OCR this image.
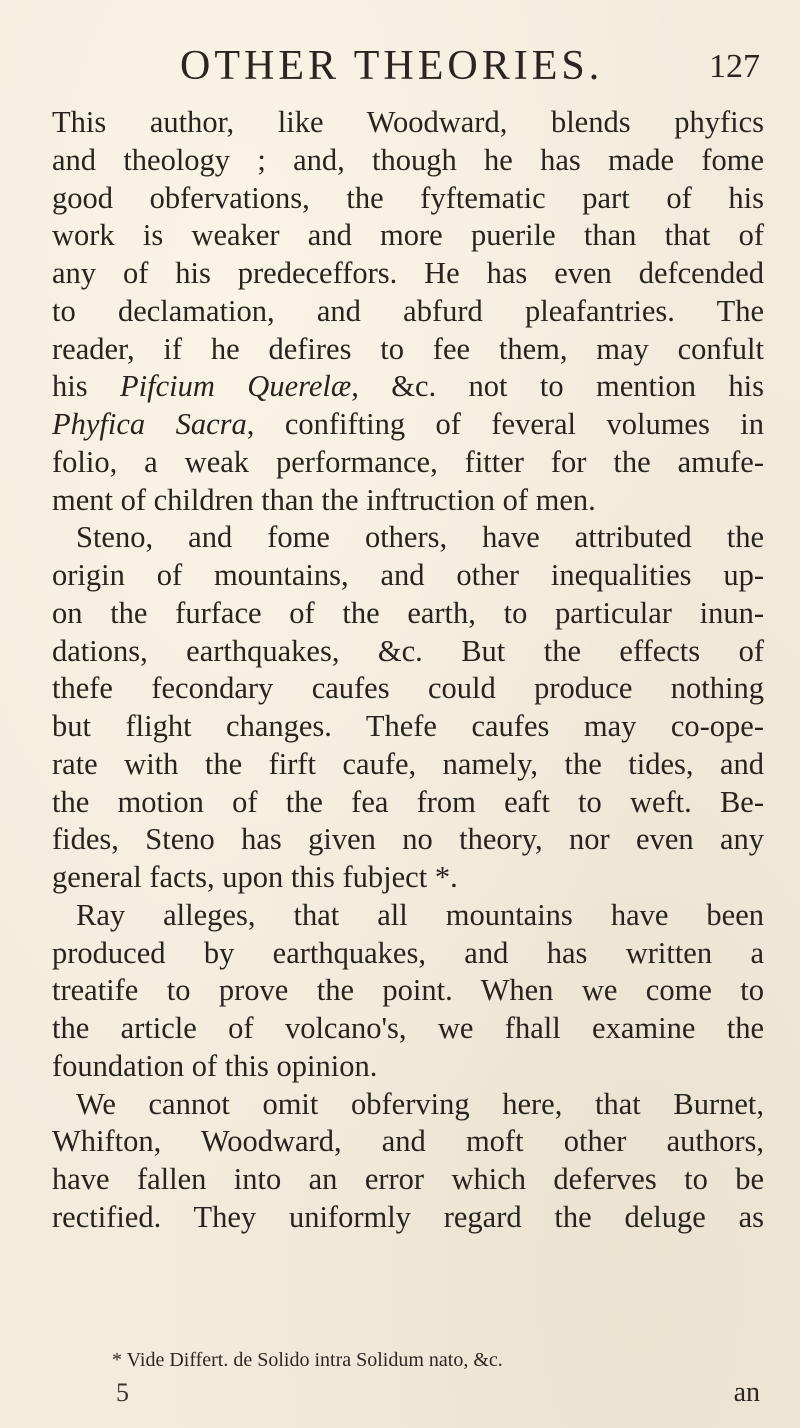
OTHER THEORIES.	127
This author, like Woodward, blends phyfics
and theology ; and, though he has made fome
good obfervations, the fyftematic part of his
work is weaker and more puerile than that of
any of his predeceffors. He has even defcended
to declamation, and abfurd pleafantries. The
reader, if he defires to fee them, may confult
his Pifcium Querelæ, &c. not to mention his
Phyfica Sacra, confifting of feveral volumes in
folio, a weak performance, fitter for the amufe-
ment of children than the inftruction of men.
Steno, and fome others, have attributed the
origin of mountains, and other inequalities up-
on the furface of the earth, to particular inun-
dations, earthquakes, &c. But the effects of
thefe fecondary caufes could produce nothing
but flight changes. Thefe caufes may co-ope-
rate with the firft caufe, namely, the tides, and
the motion of the fea from eaft to weft. Be-
fides, Steno has given no theory, nor even any
general facts, upon this fubject *.
Ray alleges, that all mountains have been
produced by earthquakes, and has written a
treatife to prove the point. When we come to
the article of volcano's, we fhall examine the
foundation of this opinion.
We cannot omit obferving here, that Burnet,
Whifton, Woodward, and moft other authors,
have fallen into an error which deferves to be
rectified. They uniformly regard the deluge as
* Vide Differt. de Solido intra Solidum nato, &c.
5	an
